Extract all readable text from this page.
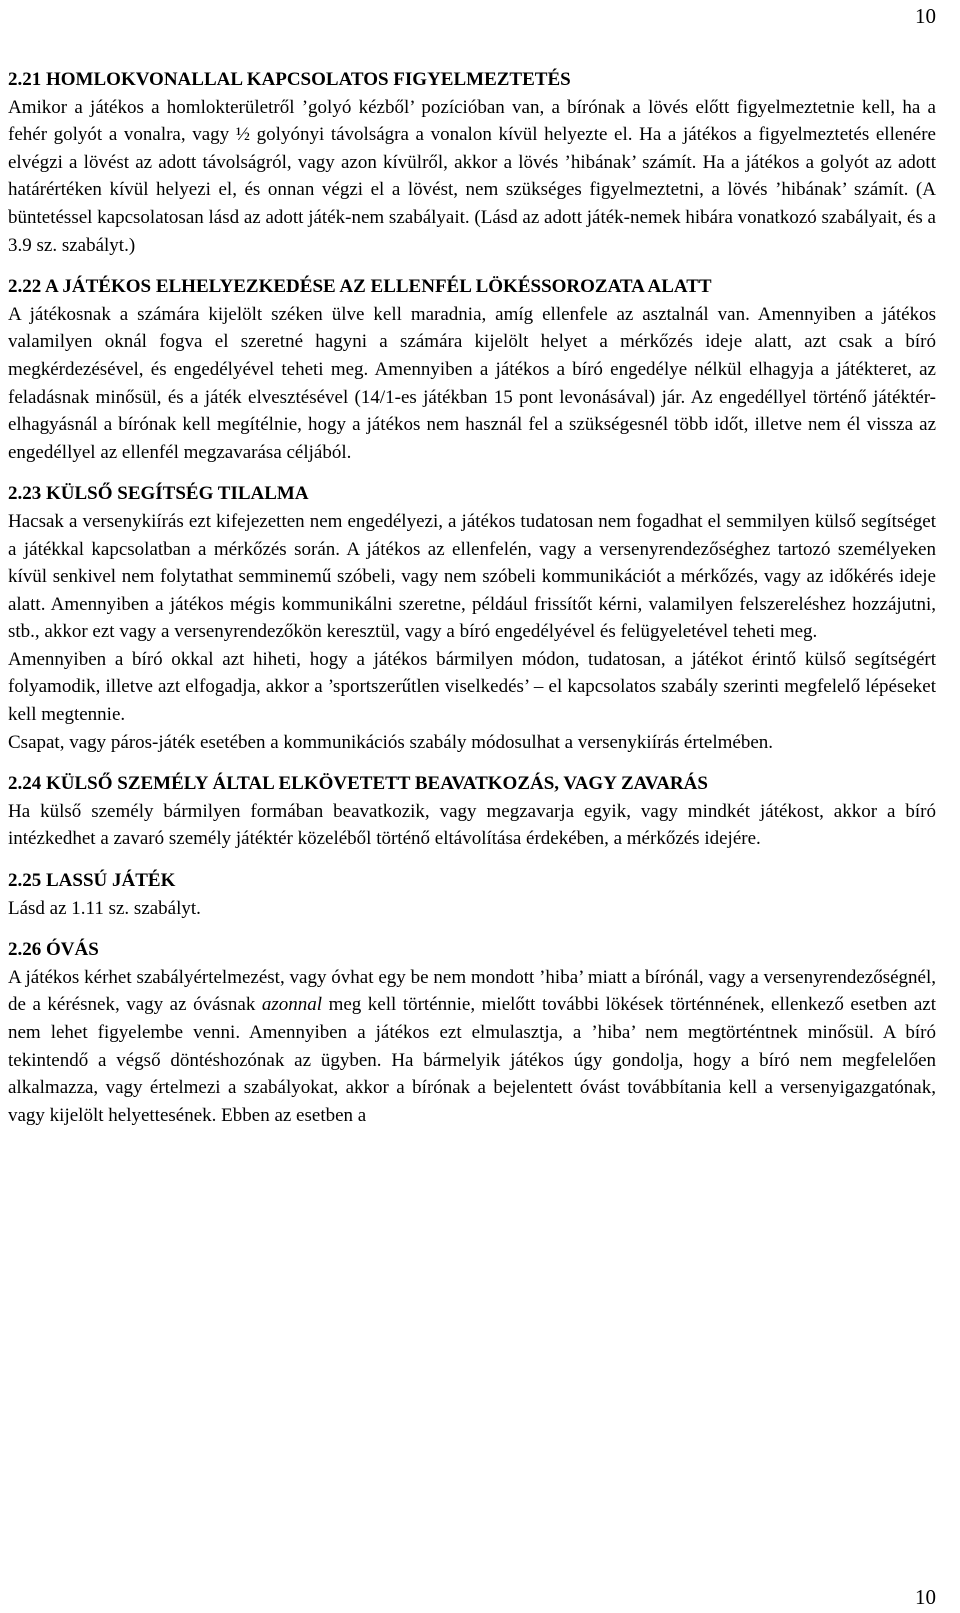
10
2.21 HOMLOKVONALLAL KAPCSOLATOS FIGYELMEZTETÉS

Amikor a játékos a homlokterületről ’golyó kézből’ pozícióban van, a bírónak a lövés előtt figyelmeztetnie kell, ha a fehér golyót a vonalra, vagy ½ golyónyi távolságra a vonalon kívül helyezte el. Ha a játékos a figyelmeztetés ellenére elvégzi a lövést az adott távolságról, vagy azon kívülről, akkor a lövés ’hibának’ számít. Ha a játékos a golyót az adott határértéken kívül helyezi el, és onnan végzi el a lövést, nem szükséges figyelmeztetni, a lövés ’hibának’ számít. (A büntetéssel kapcsolatosan lásd az adott játék-nem szabályait. (Lásd az adott játék-nemek hibára vonatkozó szabályait, és a 3.9 sz. szabályt.)

2.22 A JÁTÉKOS ELHELYEZKEDÉSE AZ ELLENFÉL LÖKÉSSOROZATA ALATT

A játékosnak a számára kijelölt széken ülve kell maradnia, amíg ellenfele az asztalnál van. Amennyiben a játékos valamilyen oknál fogva el szeretné hagyni a számára kijelölt helyet a mérkőzés ideje alatt, azt csak a bíró megkérdezésével, és engedélyével teheti meg. Amennyiben a játékos a bíró engedélye nélkül elhagyja a játékteret, az feladásnak minősül, és a játék elvesztésével (14/1-es játékban 15 pont levonásával) jár. Az engedéllyel történő játéktér-elhagyásnál a bírónak kell megítélnie, hogy a játékos nem használ fel a szükségesnél több időt, illetve nem él vissza az engedéllyel az ellenfél megzavarása céljából.

2.23 KÜLSŐ SEGÍTSÉG TILALMA

Hacsak a versenykiírás ezt kifejezetten nem engedélyezi, a játékos tudatosan nem fogadhat el semmilyen külső segítséget a játékkal kapcsolatban a mérkőzés során. A játékos az ellenfelén, vagy a versenyrendezőséghez tartozó személyeken kívül senkivel nem folytathat semminemű szóbeli, vagy nem szóbeli kommunikációt a mérkőzés, vagy az időkérés ideje alatt. Amennyiben a játékos mégis kommunikálni szeretne, például frissítőt kérni, valamilyen felszereléshez hozzájutni, stb., akkor ezt vagy a versenyrendezőkön keresztül, vagy a bíró engedélyével és felügyeletével teheti meg.

Amennyiben a bíró okkal azt hiheti, hogy a játékos bármilyen módon, tudatosan, a játékot érintő külső segítségért folyamodik, illetve azt elfogadja, akkor a ’sportszerűtlen viselkedés’ – el kapcsolatos szabály szerinti megfelelő lépéseket kell megtennie.

Csapat, vagy páros-játék esetében a kommunikációs szabály módosulhat a versenykiírás értelmében.

2.24 KÜLSŐ SZEMÉLY ÁLTAL ELKÖVETETT BEAVATKOZÁS, VAGY ZAVARÁS

Ha külső személy bármilyen formában beavatkozik, vagy megzavarja egyik, vagy mindkét játékost, akkor a bíró intézkedhet a zavaró személy játéktér közeléből történő eltávolítása érdekében, a mérkőzés idejére.

2.25 LASSÚ JÁTÉK

Lásd az 1.11 sz. szabályt.

2.26 ÓVÁS

A játékos kérhet szabályértelmezést, vagy óvhat egy be nem mondott ’hiba’ miatt a bírónál, vagy a versenyrendezőségnél, de a kérésnek, vagy az óvásnak azonnal meg kell történnie, mielőtt további lökések történnének, ellenkező esetben azt nem lehet figyelembe venni. Amennyiben a játékos ezt elmulasztja, a ’hiba’ nem megtörténtnek minősül. A bíró tekintendő a végső döntéshozónak az ügyben. Ha bármelyik játékos úgy gondolja, hogy a bíró nem megfelelően alkalmazza, vagy értelmezi a szabályokat, akkor a bírónak a bejelentett óvást továbbítania kell a versenyigazgatónak, vagy kijelölt helyettesének. Ebben az esetben a

10
